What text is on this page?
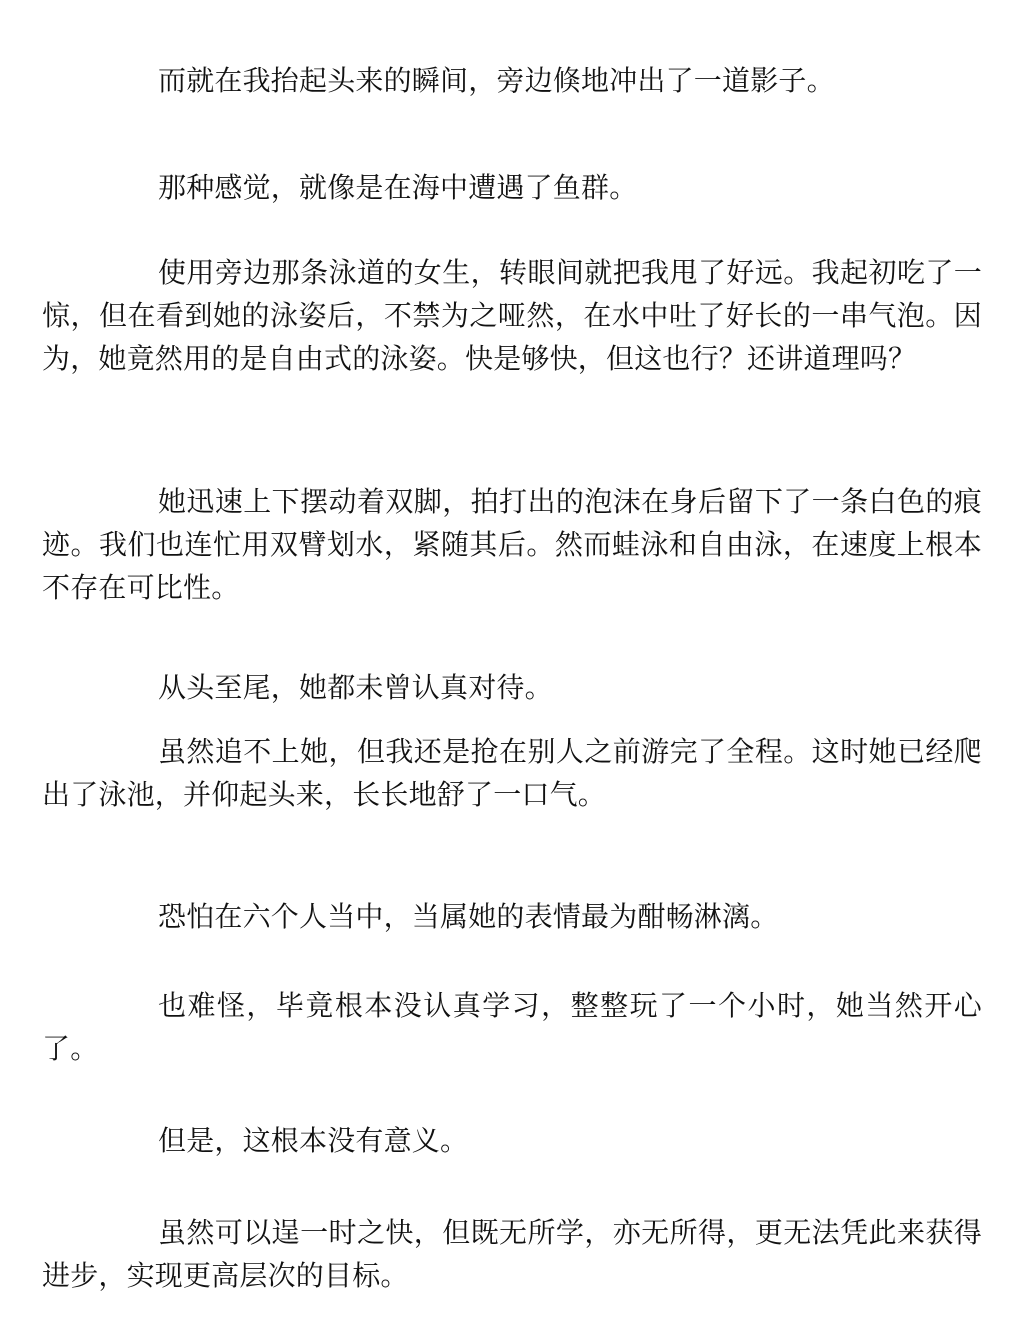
而就在我抬起头来的瞬间，旁边倏地冲出了一道影子。

那种感觉，就像是在海中遭遇了鱼群。

使用旁边那条泳道的女生，转眼间就把我甩了好远。我起初吃了一惊，但在看到她的泳姿后，不禁为之哑然，在水中吐了好长的一串气泡。因为，她竟然用的是自由式的泳姿。快是够快，但这也行？还讲道理吗？

她迅速上下摆动着双脚，拍打出的泡沫在身后留下了一条白色的痕迹。我们也连忙用双臂划水，紧随其后。然而蛙泳和自由泳，在速度上根本不存在可比性。

从头至尾，她都未曾认真对待。

虽然追不上她，但我还是抢在别人之前游完了全程。这时她已经爬出了泳池，并仰起头来，长长地舒了一口气。

恐怕在六个人当中，当属她的表情最为酣畅淋漓。

也难怪，毕竟根本没认真学习，整整玩了一个小时，她当然开心了。

但是，这根本没有意义。

虽然可以逞一时之快，但既无所学，亦无所得，更无法凭此来获得进步，实现更高层次的目标。
